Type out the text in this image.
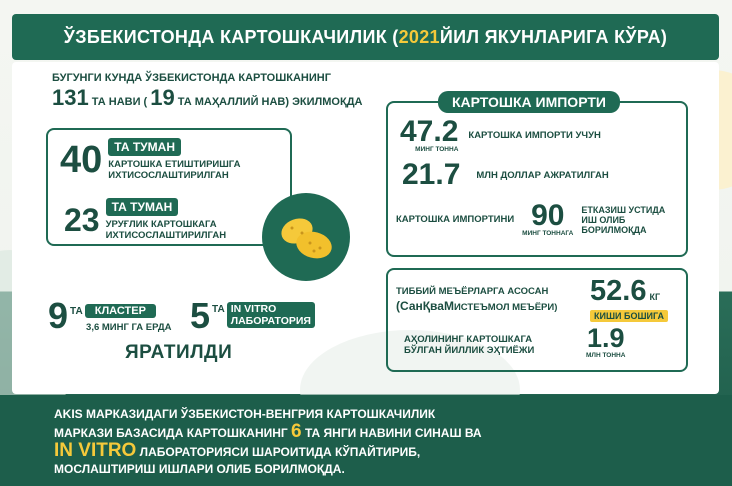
ЎЗБЕКИСТОНДА КАРТОШКАЧИЛИК ( 2021 ЙИЛ ЯКУНЛАРИГА КЎРА)
БУГУНГИ КУНДА ЎЗБЕКИСТОНДА КАРТОШКАНИНГ
131 ТА НАВИ ( 19 ТА МАҲАЛЛИЙ НАВ) ЭКИЛМОҚДА
40	ТА ТУМАН
КАРТОШКА ЕТИШТИРИШГА
ИХТИСОСЛАШТИРИЛГАН
23	ТА ТУМАН
УРУҒЛИК КАРТОШКАГА
ИХТИСОСЛАШТИРИЛГАН
9 ТА	КЛАСТЕР
3,6 МИНГ ГА ЕРДА 5 ТА IN VITRO
ЛАБОРАТОРИЯ
ЯРАТИЛДИ
КАРТОШКА ИМПОРТИ
47.2
МИНГ ТОННА
КАРТОШКА ИМПОРТИ УЧУН
21.7 МЛН ДОЛЛАР АЖРАТИЛГАН
КАРТОШКА ИМПОРТИНИ 90
МИНГ ТОННАГА
ЕТКАЗИШ УСТИДА
ИШ ОЛИБ
БОРИЛМОҚДА
ТИББИЙ МЕЪЁРЛАРГА АСОСАН
( СанҚваМ ИСТЕЪМОЛ МЕЪЁРИ)
52.6 КГ
КИШИ БОШИГА
АҲОЛИНИНГ КАРТОШКАГА
БЎЛГАН ЙИЛЛИК ЭҲТИЁЖИ 1.9
МЛН ТОННА
AKIS МАРКАЗИДАГИ ЎЗБЕКИСТОН-ВЕНГРИЯ КАРТОШКАЧИЛИК
МАРКАЗИ БАЗАСИДА КАРТОШКАНИНГ 6 ТА ЯНГИ НАВИНИ СИНАШ ВА
IN VITRO ЛАБОРАТОРИЯСИ ШАРОИТИДА КЎПАЙТИРИБ,
МОСЛАШТИРИШ ИШЛАРИ ОЛИБ БОРИЛМОҚДА.
